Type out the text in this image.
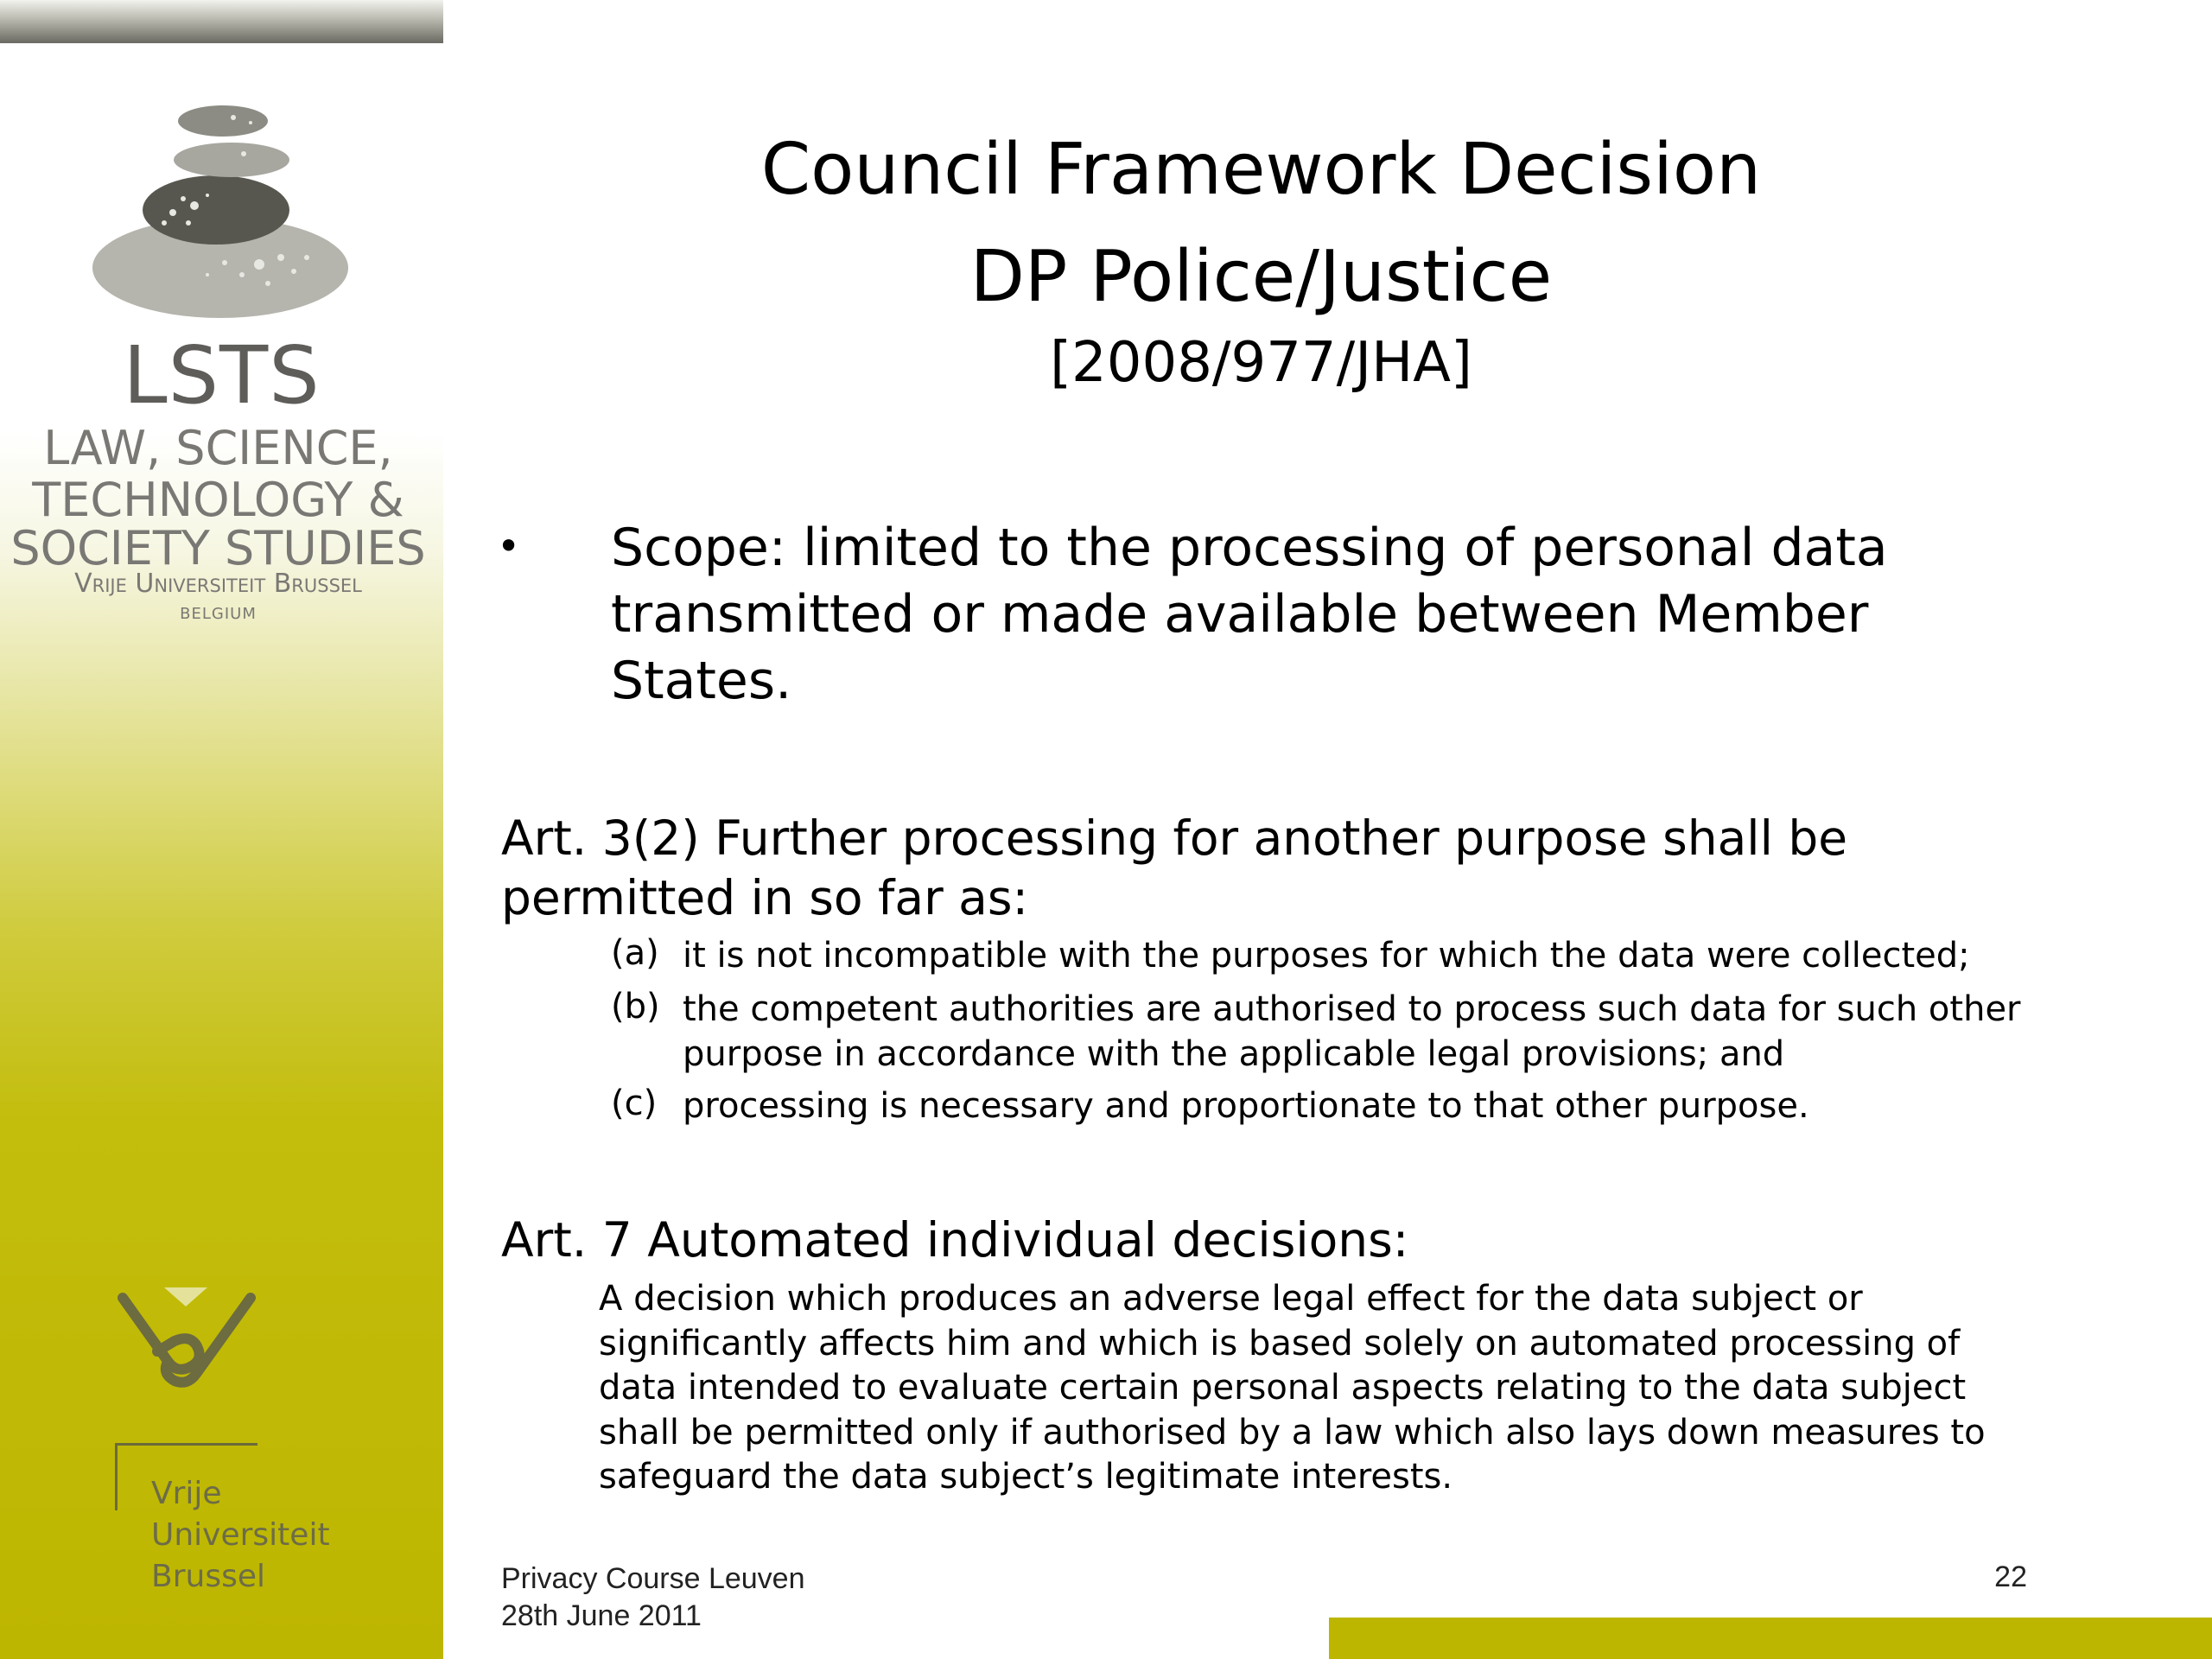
LSTS
LAW, SCIENCE,
TECHNOLOGY &
SOCIETY STUDIES
Vrije Universiteit Brussel
BELGIUM
Vrije
Universiteit
Brussel
Council Framework Decision
DP Police/Justice
[2008/977/JHA]
• Scope: limited to the processing of personal data transmitted or made available between Member States.
Art. 3(2) Further processing for another purpose shall be permitted in so far as:
(a) it is not incompatible with the purposes for which the data were collected;
(b) the competent authorities are authorised to process such data for such other purpose in accordance with the applicable legal provisions; and
(c) processing is necessary and proportionate to that other purpose.
Art. 7 Automated individual decisions:
A decision which produces an adverse legal effect for the data subject or significantly affects him and which is based solely on automated processing of data intended to evaluate certain personal aspects relating to the data subject shall be permitted only if authorised by a law which also lays down measures to safeguard the data subject’s legitimate interests.
Privacy Course Leuven
28th June 2011
22
